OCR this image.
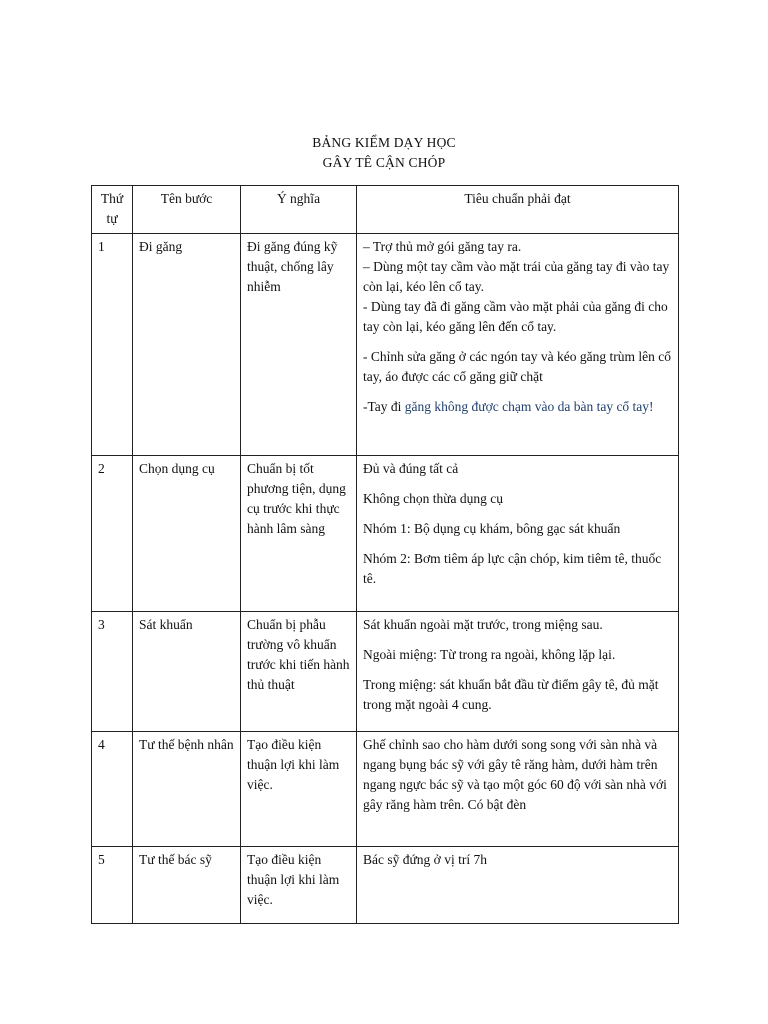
BẢNG KIỂM DẠY HỌC
GÂY TÊ CẬN CHÓP
Thứ tự	Tên bước	Ý nghĩa	Tiêu chuẩn phải đạt
1	Đi găng	Đi găng đúng kỹ thuật, chống lây nhiễm	– Trợ thủ mở gói găng tay ra.
– Dùng một tay cầm vào mặt trái của găng tay đi vào tay còn lại, kéo lên cổ tay.
- Dùng tay đã đi găng cầm vào mặt phải của găng đi cho tay còn lại, kéo găng lên đến cổ tay.
- Chỉnh sửa găng ở các ngón tay và kéo găng trùm lên cổ tay, áo được các cổ găng giữ chặt
-Tay đi găng không được chạm vào da bàn tay cổ tay!

2	Chọn dụng cụ	Chuẩn bị tốt phương tiện, dụng cụ trước khi thực hành lâm sàng	Đủ và đúng tất cả
Không chọn thừa dụng cụ
Nhóm 1: Bộ dụng cụ khám, bông gạc sát khuẩn
Nhóm 2: Bơm tiêm áp lực cận chóp, kim tiêm tê, thuốc tê.

3	Sát khuẩn	Chuẩn bị phẫu trường vô khuẩn trước khi tiến hành thủ thuật	Sát khuẩn ngoài mặt trước, trong miệng sau.
Ngoài miệng: Từ trong ra ngoài, không lặp lại.
Trong miệng: sát khuẩn bắt đầu từ điểm gây tê, đủ mặt trong mặt ngoài 4 cung.

4	Tư thế bệnh nhân	Tạo điều kiện thuận lợi khi làm việc.	Ghế chỉnh sao cho hàm dưới song song với sàn nhà và ngang bụng bác sỹ với gây tê răng hàm, dưới hàm trên ngang ngực bác sỹ và tạo một góc 60 độ với sàn nhà với gây răng hàm trên. Có bật đèn

5	Tư thế bác sỹ	Tạo điều kiện thuận lợi khi làm việc.	Bác sỹ đứng ở vị trí 7h
